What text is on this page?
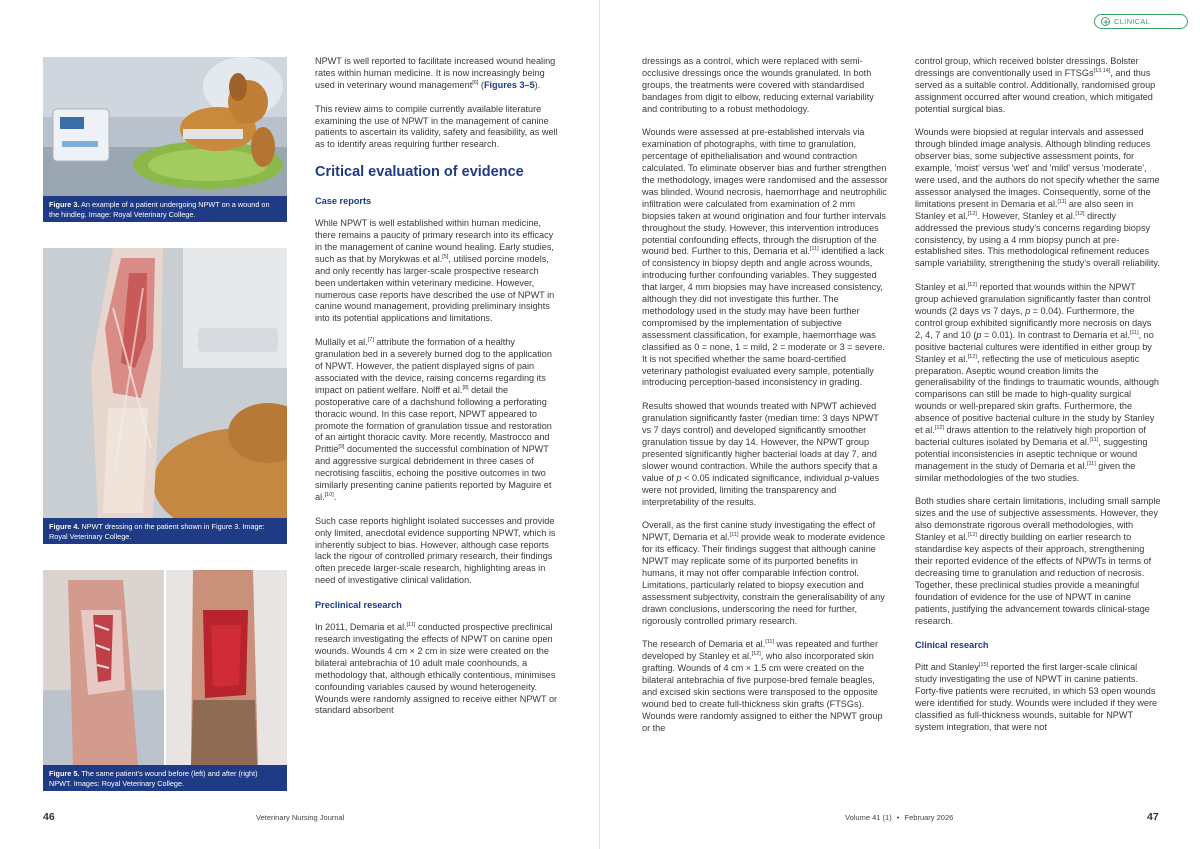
Figure 3. An example of a patient undergoing NPWT on a wound on the hindleg. Image: Royal Veterinary College.
Figure 4. NPWT dressing on the patient shown in Figure 3. Image: Royal Veterinary College.
Figure 5. The same patient's wound before (left) and after (right) NPWT. Images: Royal Veterinary College.

NPWT is well reported to facilitate increased wound healing rates within human medicine. It is now increasingly being used in veterinary wound management[6] (Figures 3–5).

This review aims to compile currently available literature examining the use of NPWT in the management of canine patients to ascertain its validity, safety and feasibility, as well as to identify areas requiring further research.

Critical evaluation of evidence
Case reports

While NPWT is well established within human medicine, there remains a paucity of primary research into its efficacy in the management of canine wound healing. Early studies, such as that by Morykwas et al.[5], utilised porcine models, and only recently has larger-scale prospective research been undertaken within veterinary medicine. However, numerous case reports have described the use of NPWT in canine wound management, providing preliminary insights into its potential applications and limitations.

Mullally et al.[7] attribute the formation of a healthy granulation bed in a severely burned dog to the application of NPWT. However, the patient displayed signs of pain associated with the device, raising concerns regarding its impact on patient welfare. Nolff et al.[8] detail the postoperative care of a dachshund following a perforating thoracic wound. In this case report, NPWT appeared to promote the formation of granulation tissue and restoration of an airtight thoracic cavity. More recently, Mastrocco and Prittie[9] documented the successful combination of NPWT and aggressive surgical debridement in three cases of necrotising fasciitis, echoing the positive outcomes in two similarly presenting canine patients reported by Maguire et al.[10].

Such case reports highlight isolated successes and provide only limited, anecdotal evidence supporting NPWT, which is inherently subject to bias. However, although case reports lack the rigour of controlled primary research, their findings often precede larger-scale research, highlighting areas in need of investigative clinical validation.

Preclinical research

In 2011, Demaria et al.[11] conducted prospective preclinical research investigating the effects of NPWT on canine open wounds. Wounds 4 cm × 2 cm in size were created on the bilateral antebrachia of 10 adult male coonhounds, a methodology that, although ethically contentious, minimises confounding variables caused by wound heterogeneity. Wounds were randomly assigned to receive either NPWT or standard absorbent

46	Veterinary Nursing Journal
CLINICAL

dressings as a control, which were replaced with semi-occlusive dressings once the wounds granulated. In both groups, the treatments were covered with standardised bandages from digit to elbow, reducing external variability and contributing to a robust methodology.

Wounds were assessed at pre-established intervals via examination of photographs, with time to granulation, percentage of epithelialisation and wound contraction calculated. To eliminate observer bias and further strengthen the methodology, images were randomised and the assessor was blinded. Wound necrosis, haemorrhage and neutrophilic infiltration were calculated from examination of 2 mm biopsies taken at wound origination and four further intervals throughout the study. However, this intervention introduces potential confounding effects, through the disruption of the wound bed. Further to this, Demaria et al.[11] identified a lack of consistency in biopsy depth and angle across wounds, introducing further confounding variables. They suggested that larger, 4 mm biopsies may have increased consistency, although they did not investigate this further. The methodology used in the study may have been further compromised by the implementation of subjective assessment classification, for example, haemorrhage was classified as 0 = none, 1 = mild, 2 = moderate or 3 = severe. It is not specified whether the same board-certified veterinary pathologist evaluated every sample, potentially introducing perception-based inconsistency in grading.

Results showed that wounds treated with NPWT achieved granulation significantly faster (median time: 3 days NPWT vs 7 days control) and developed significantly smoother granulation tissue by day 14. However, the NPWT group presented significantly higher bacterial loads at day 7, and slower wound contraction. While the authors specify that a value of p < 0.05 indicated significance, individual p-values were not provided, limiting the transparency and interpretability of the results.

Overall, as the first canine study investigating the effect of NPWT, Demaria et al.[11] provide weak to moderate evidence for its efficacy. Their findings suggest that although canine NPWT may replicate some of its purported benefits in humans, it may not offer comparable infection control. Limitations, particularly related to biopsy execution and assessment subjectivity, constrain the generalisability of any drawn conclusions, underscoring the need for further, rigorously controlled primary research.

The research of Demaria et al.[11] was repeated and further developed by Stanley et al.[12], who also incorporated skin grafting. Wounds of 4 cm × 1.5 cm were created on the bilateral antebrachia of five purpose-bred female beagles, and excised skin sections were transposed to the opposite wound bed to create full-thickness skin grafts (FTSGs). Wounds were randomly assigned to either the NPWT group or the

control group, which received bolster dressings. Bolster dressings are conventionally used in FTSGs[13,14], and thus served as a suitable control. Additionally, randomised group assignment occurred after wound creation, which mitigated potential surgical bias.

Wounds were biopsied at regular intervals and assessed through blinded image analysis. Although blinding reduces observer bias, some subjective assessment points, for example, 'moist' versus 'wet' and 'mild' versus 'moderate', were used, and the authors do not specify whether the same assessor analysed the images. Consequently, some of the limitations present in Demaria et al.[11] are also seen in Stanley et al.[12]. However, Stanley et al.[12] directly addressed the previous study's concerns regarding biopsy consistency, by using a 4 mm biopsy punch at pre-established sites. This methodological refinement reduces sample variability, strengthening the study's overall reliability.

Stanley et al.[12] reported that wounds within the NPWT group achieved granulation significantly faster than control wounds (2 days vs 7 days, p = 0.04). Furthermore, the control group exhibited significantly more necrosis on days 2, 4, 7 and 10 (p = 0.01). In contrast to Demaria et al.[11], no positive bacterial cultures were identified in either group by Stanley et al.[12], reflecting the use of meticulous aseptic preparation. Aseptic wound creation limits the generalisability of the findings to traumatic wounds, although comparisons can still be made to high-quality surgical wounds or well-prepared skin grafts. Furthermore, the absence of positive bacterial culture in the study by Stanley et al.[12] draws attention to the relatively high proportion of bacterial cultures isolated by Demaria et al.[11], suggesting potential inconsistencies in aseptic technique or wound management in the study of Demaria et al.[11] given the similar methodologies of the two studies.

Both studies share certain limitations, including small sample sizes and the use of subjective assessments. However, they also demonstrate rigorous overall methodologies, with Stanley et al.[12] directly building on earlier research to standardise key aspects of their approach, strengthening their reported evidence of the effects of NPWTs in terms of decreasing time to granulation and reduction of necrosis. Together, these preclinical studies provide a meaningful foundation of evidence for the use of NPWT in canine patients, justifying the advancement towards clinical-stage research.

Clinical research

Pitt and Stanley[15] reported the first larger-scale clinical study investigating the use of NPWT in canine patients. Forty-five patients were recruited, in which 53 open wounds were identified for study. Wounds were included if they were classified as full-thickness wounds, suitable for NPWT system integration, that were not

Volume 41 (1) • February 2026	47
